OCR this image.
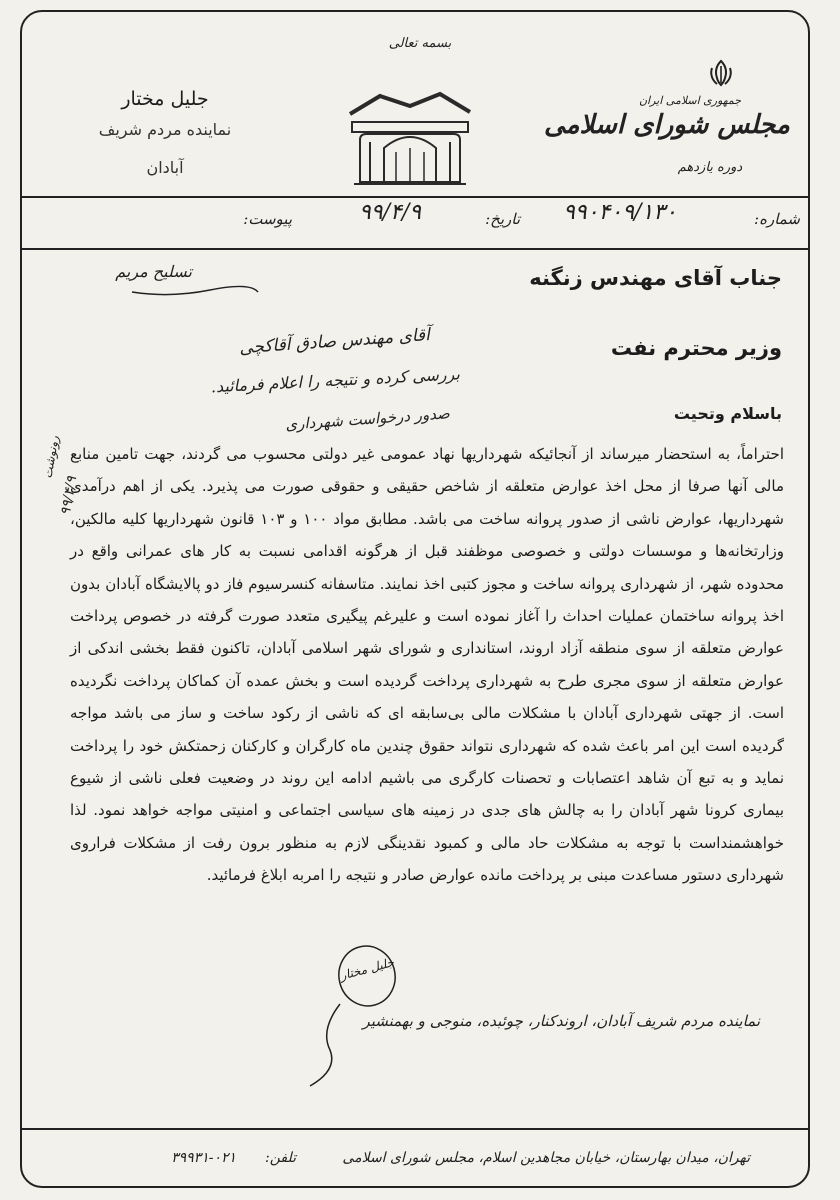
بسمه تعالی
جمهوری اسلامی ایران
مجلس شورای اسلامی
دوره یازدهم
جلیل مختار
نماینده مردم شریف
آبادان
شماره:
۹۹۰۴۰۹/۱۳۰
تاریخ:
۹۹/۴/۹
پیوست:
تسلیح مریم
آقای مهندس صادق آقاکچی
بررسی کرده و نتیجه را اعلام فرمائید.
صدور درخواست شهرداری
۹۹/۴/۹
رونوشت
جناب آقای مهندس زنگنه
وزیر محترم نفت
باسلام وتحیت

احتراماً، به استحضار میرساند از آنجائیکه شهرداریها نهاد عمومی غیر دولتی محسوب می گردند، جهت تامین منابع مالی آنها صرفا از محل اخذ عوارض متعلقه از شاخص حقیقی و حقوقی صورت می پذیرد. یکی از اهم درآمدی شهرداریها، عوارض ناشی از صدور پروانه ساخت می باشد. مطابق مواد ۱۰۰ و ۱۰۳ قانون شهرداریها کلیه مالکین، وزارتخانه‌ها و موسسات دولتی و خصوصی موظفند قبل از هرگونه اقدامی نسبت به کار های عمرانی واقع در محدوده شهر، از شهرداری پروانه ساخت و مجوز کتبی اخذ نمایند. متاسفانه کنسرسیوم فاز دو پالایشگاه آبادان بدون اخذ پروانه ساختمان عملیات احداث را آغاز نموده است و علیرغم پیگیری متعدد صورت گرفته در خصوص پرداخت عوارض متعلقه از سوی منطقه آزاد اروند، استانداری و شورای شهر اسلامی آبادان، تاکنون فقط بخشی اندکی از عوارض متعلقه از سوی مجری طرح به شهرداری پرداخت گردیده است و بخش عمده آن کماکان پرداخت نگردیده است. از جهتی شهرداری آبادان با مشکلات مالی بی‌سابقه ای که ناشی از رکود ساخت و ساز می باشد مواجه گردیده است این امر باعث شده که شهرداری نتواند حقوق چندین ماه کارگران و کارکنان زحمتکش خود را پرداخت نماید و به تبع آن شاهد اعتصابات و تحصنات کارگری می باشیم ادامه این روند در وضعیت فعلی ناشی از شیوع بیماری کرونا شهر آبادان را به چالش های جدی در زمینه های سیاسی اجتماعی و امنیتی مواجه خواهد نمود. لذا خواهشمنداست با توجه به مشکلات حاد مالی و کمبود نقدینگی لازم به منظور برون رفت از مشکلات فراروی شهرداری دستور مساعدت مبنی بر پرداخت مانده عوارض صادر و نتیجه را امربه ابلاغ فرمائید.

جلیل مختار
نماینده مردم شریف آبادان، اروندکنار، چوئبده، منوجی و بهمنشیر
تهران، میدان بهارستان، خیابان مجاهدین اسلام، مجلس شورای اسلامی
تلفن:
۳۹۹۳۱-۰۲۱
